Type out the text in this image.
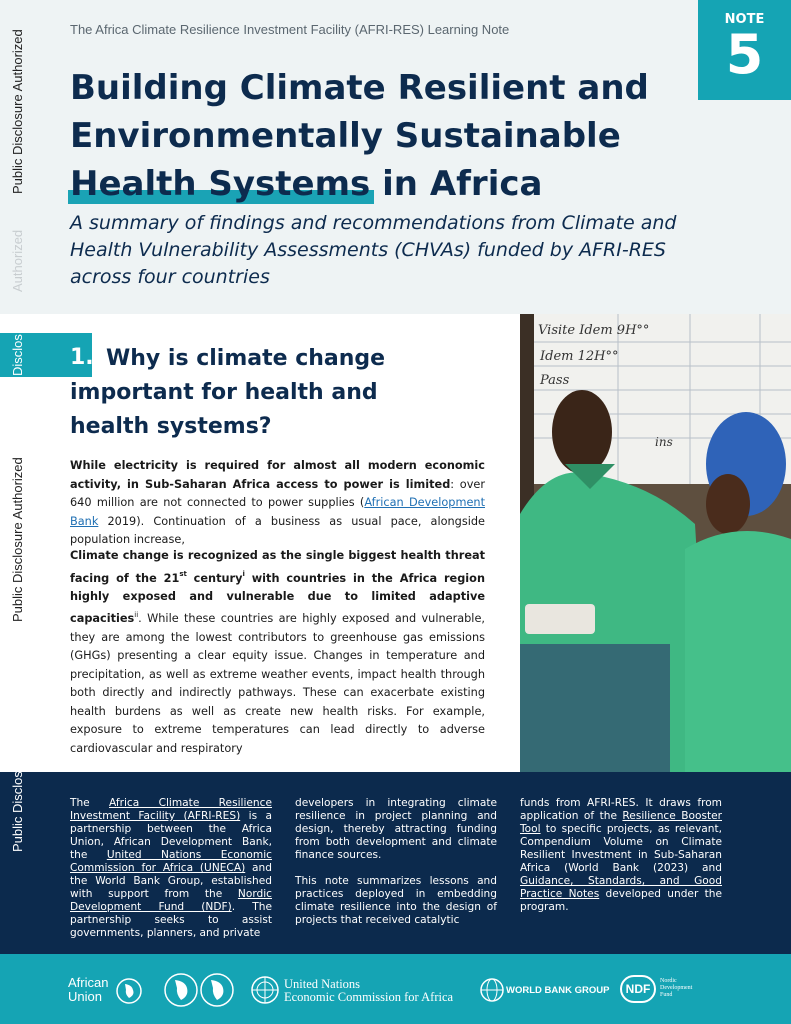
The Africa Climate Resilience Investment Facility (AFRI-RES) Learning Note
Building Climate Resilient and Environmentally Sustainable Health Systems in Africa

A summary of findings and recommendations from Climate and Health Vulnerability Assessments (CHVAs) funded by AFRI-RES across four countries

NOTE
5
Public Disclosure Authorized
Authorized
Disclos
Public Disclosure Authorized
1. Why is climate change important for health and health systems?

While electricity is required for almost all modern economic activity, in Sub-Saharan Africa access to power is limited: over 640 million are not connected to power supplies (African Development Bank 2019). Continuation of a business as usual pace, alongside population increase,

Climate change is recognized as the single biggest health threat facing of the 21st century$^i$ with countries in the Africa region highly exposed and vulnerable due to limited adaptive capacities$^{ii}$. While these countries are highly exposed and vulnerable, they are among the lowest contributors to greenhouse gas emissions (GHGs) presenting a clear equity issue. Changes in temperature and precipitation, as well as extreme weather events, impact health through both directly and indirectly pathways. These can exacerbate existing health burdens as well as create new health risks. For example, exposure to extreme temperatures can lead directly to adverse cardiovascular and respiratory

Visite Idem 9H°°
Idem 12H°°
Pass
ins
Public Disclos	The Africa Climate Resilience Investment Facility (AFRI-RES) is a partnership between the Africa Union, African Development Bank, the United Nations Economic Commission for Africa (UNECA) and the World Bank Group, established with support from the Nordic Development Fund (NDF). The partnership seeks to assist governments, planners, and private

developers in integrating climate resilience in project planning and design, thereby attracting funding from both development and climate finance sources.

This note summarizes lessons and practices deployed in embedding climate resilience into the design of projects that received catalytic

funds from AFRI-RES. It draws from application of the Resilience Booster Tool to specific projects, as relevant, Compendium Volume on Climate Resilient Investment in Sub-Saharan Africa (World Bank (2023) and Guidance, Standards, and Good Practice Notes developed under the program.

African
Union
United Nations
Economic Commission for Africa	WORLD BANK GROUP	NDF
Nordic
Development
Fund
